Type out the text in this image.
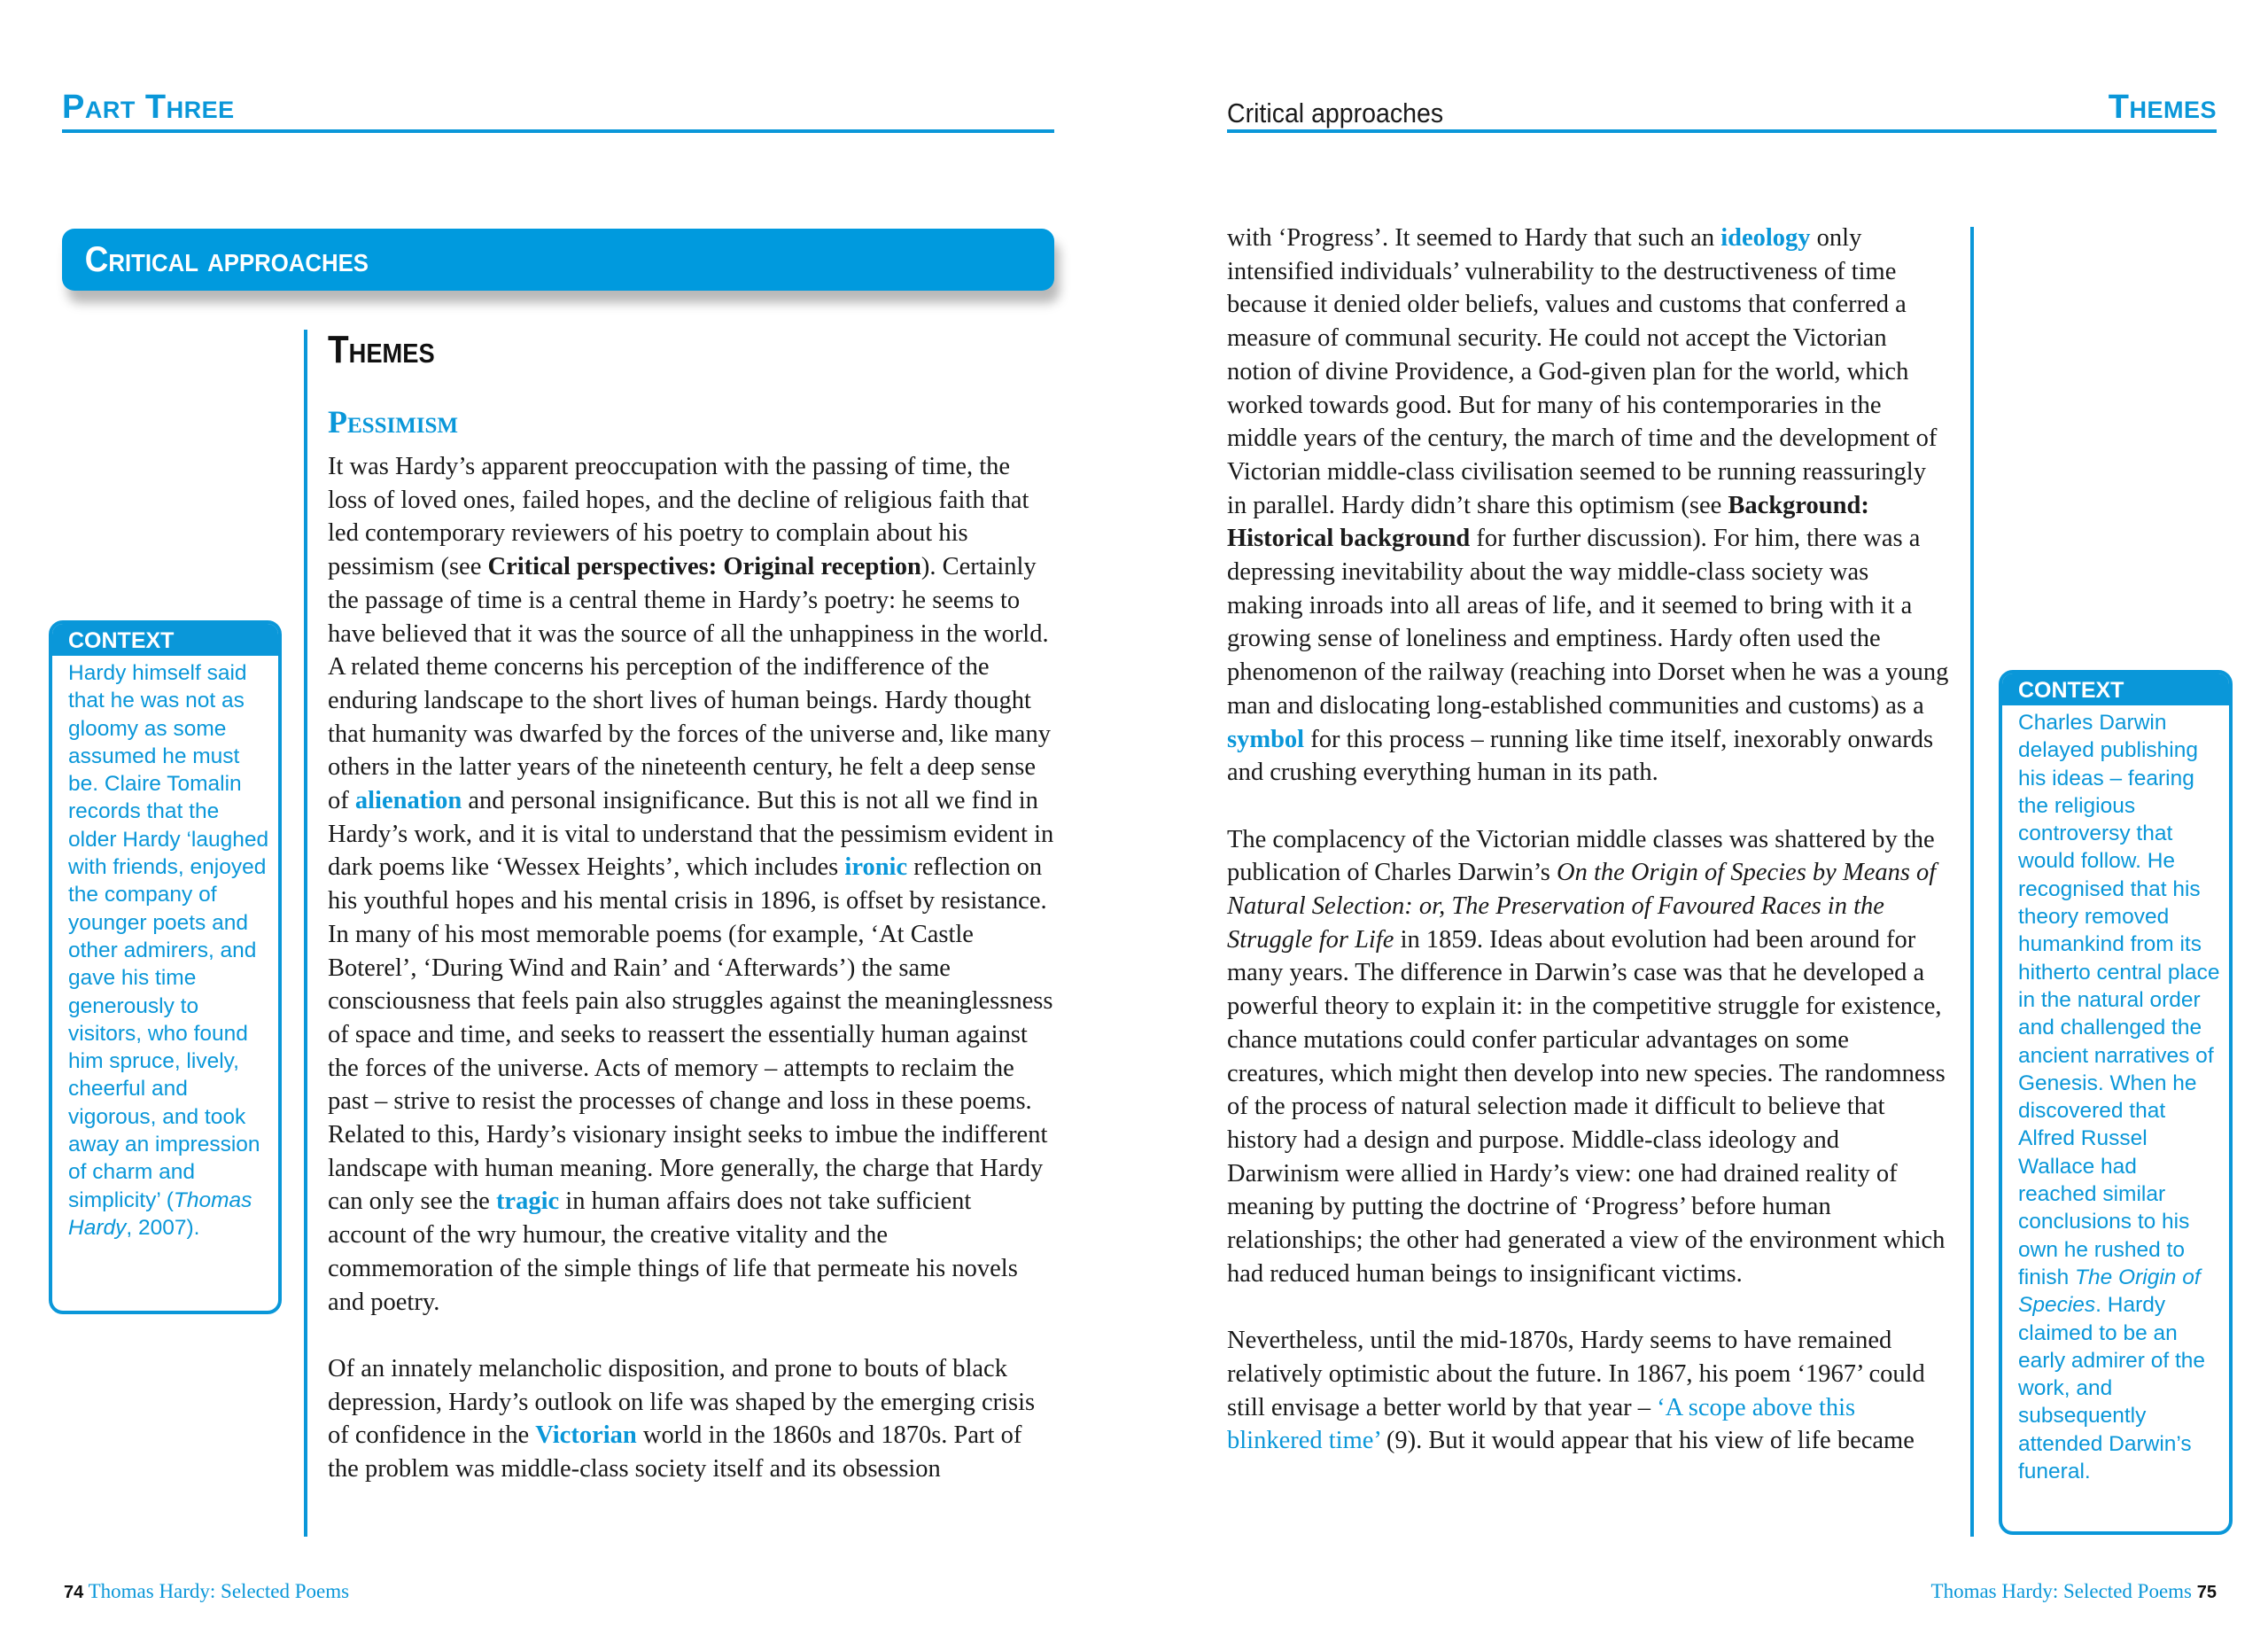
Part Three
Critical approaches
Themes
Pessimism

It was Hardy’s apparent preoccupation with the passing of time, the loss of loved ones, failed hopes, and the decline of religious faith that led contemporary reviewers of his poetry to complain about his pessimism (see Critical perspectives: Original reception). Certainly the passage of time is a central theme in Hardy’s poetry: he seems to have believed that it was the source of all the unhappiness in the world. A related theme concerns his perception of the indifference of the enduring landscape to the short lives of human beings. Hardy thought that humanity was dwarfed by the forces of the universe and, like many others in the latter years of the nineteenth century, he felt a deep sense of alienation and personal insignificance. But this is not all we find in Hardy’s work, and it is vital to understand that the pessimism evident in dark poems like ‘Wessex Heights’, which includes ironic reflection on his youthful hopes and his mental crisis in 1896, is offset by resistance. In many of his most memorable poems (for example, ‘At Castle Boterel’, ‘During Wind and Rain’ and ‘Afterwards’) the same consciousness that feels pain also struggles against the meaninglessness of space and time, and seeks to reassert the essentially human against the forces of the universe. Acts of memory – attempts to reclaim the past – strive to resist the processes of change and loss in these poems. Related to this, Hardy’s visionary insight seeks to imbue the indifferent landscape with human meaning. More generally, the charge that Hardy can only see the tragic in human affairs does not take sufficient account of the wry humour, the creative vitality and the commemoration of the simple things of life that permeate his novels and poetry.

Of an innately melancholic disposition, and prone to bouts of black depression, Hardy’s outlook on life was shaped by the emerging crisis of confidence in the Victorian world in the 1860s and 1870s. Part of the problem was middle-class society itself and its obsession

CONTEXT
Hardy himself said that he was not as gloomy as some assumed he must be. Claire Tomalin records that the older Hardy ‘laughed with friends, enjoyed the company of younger poets and other admirers, and gave his time generously to visitors, who found him spruce, lively, cheerful and vigorous, and took away an impression of charm and simplicity’ (Thomas Hardy, 2007).
74 Thomas Hardy: Selected Poems
Critical approaches	Themes

with ‘Progress’. It seemed to Hardy that such an ideology only intensified individuals’ vulnerability to the destructiveness of time because it denied older beliefs, values and customs that conferred a measure of communal security. He could not accept the Victorian notion of divine Providence, a God-given plan for the world, which worked towards good. But for many of his contemporaries in the middle years of the century, the march of time and the development of Victorian middle-class civilisation seemed to be running reassuringly in parallel. Hardy didn’t share this optimism (see Background: Historical background for further discussion). For him, there was a depressing inevitability about the way middle-class society was making inroads into all areas of life, and it seemed to bring with it a growing sense of loneliness and emptiness. Hardy often used the phenomenon of the railway (reaching into Dorset when he was a young man and dislocating long-established communities and customs) as a symbol for this process – running like time itself, inexorably onwards and crushing everything human in its path.

The complacency of the Victorian middle classes was shattered by the publication of Charles Darwin’s On the Origin of Species by Means of Natural Selection: or, The Preservation of Favoured Races in the Struggle for Life in 1859. Ideas about evolution had been around for many years. The difference in Darwin’s case was that he developed a powerful theory to explain it: in the competitive struggle for existence, chance mutations could confer particular advantages on some creatures, which might then develop into new species. The randomness of the process of natural selection made it difficult to believe that history had a design and purpose. Middle-class ideology and Darwinism were allied in Hardy’s view: one had drained reality of meaning by putting the doctrine of ‘Progress’ before human relationships; the other had generated a view of the environment which had reduced human beings to insignificant victims.

Nevertheless, until the mid-1870s, Hardy seems to have remained relatively optimistic about the future. In 1867, his poem ‘1967’ could still envisage a better world by that year – ‘A scope above this blinkered time’ (9). But it would appear that his view of life became

CONTEXT
Charles Darwin delayed publishing his ideas – fearing the religious controversy that would follow. He recognised that his theory removed humankind from its hitherto central place in the natural order and challenged the ancient narratives of Genesis. When he discovered that Alfred Russel Wallace had reached similar conclusions to his own he rushed to finish The Origin of Species. Hardy claimed to be an early admirer of the work, and subsequently attended Darwin’s funeral.
Thomas Hardy: Selected Poems 75
